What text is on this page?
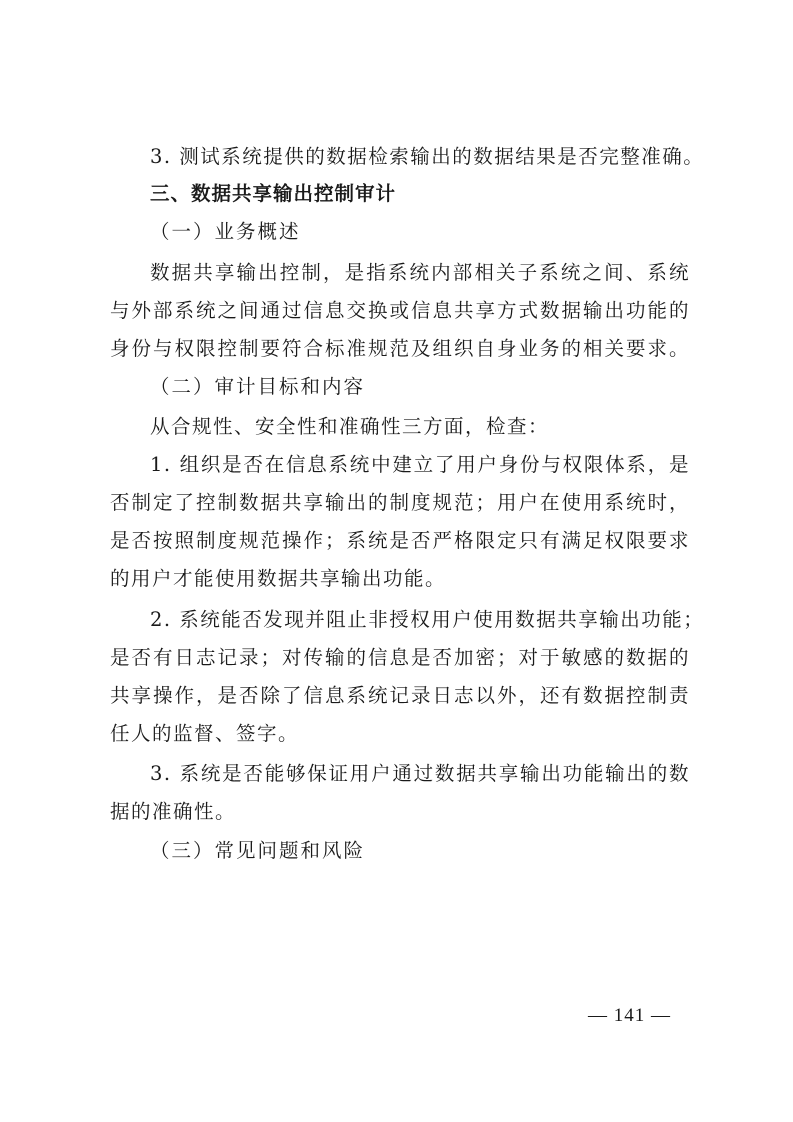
3. 测试系统提供的数据检索输出的数据结果是否完整准确。
三、数据共享输出控制审计
（一）业务概述
数据共享输出控制，是指系统内部相关子系统之间、系统
与外部系统之间通过信息交换或信息共享方式数据输出功能的
身份与权限控制要符合标准规范及组织自身业务的相关要求。
（二）审计目标和内容
从合规性、安全性和准确性三方面，检查：
1. 组织是否在信息系统中建立了用户身份与权限体系，是
否制定了控制数据共享输出的制度规范；用户在使用系统时，
是否按照制度规范操作；系统是否严格限定只有满足权限要求
的用户才能使用数据共享输出功能。
2. 系统能否发现并阻止非授权用户使用数据共享输出功能；
是否有日志记录；对传输的信息是否加密；对于敏感的数据的
共享操作，是否除了信息系统记录日志以外，还有数据控制责
任人的监督、签字。
3. 系统是否能够保证用户通过数据共享输出功能输出的数
据的准确性。
（三）常见问题和风险
— 141 —
